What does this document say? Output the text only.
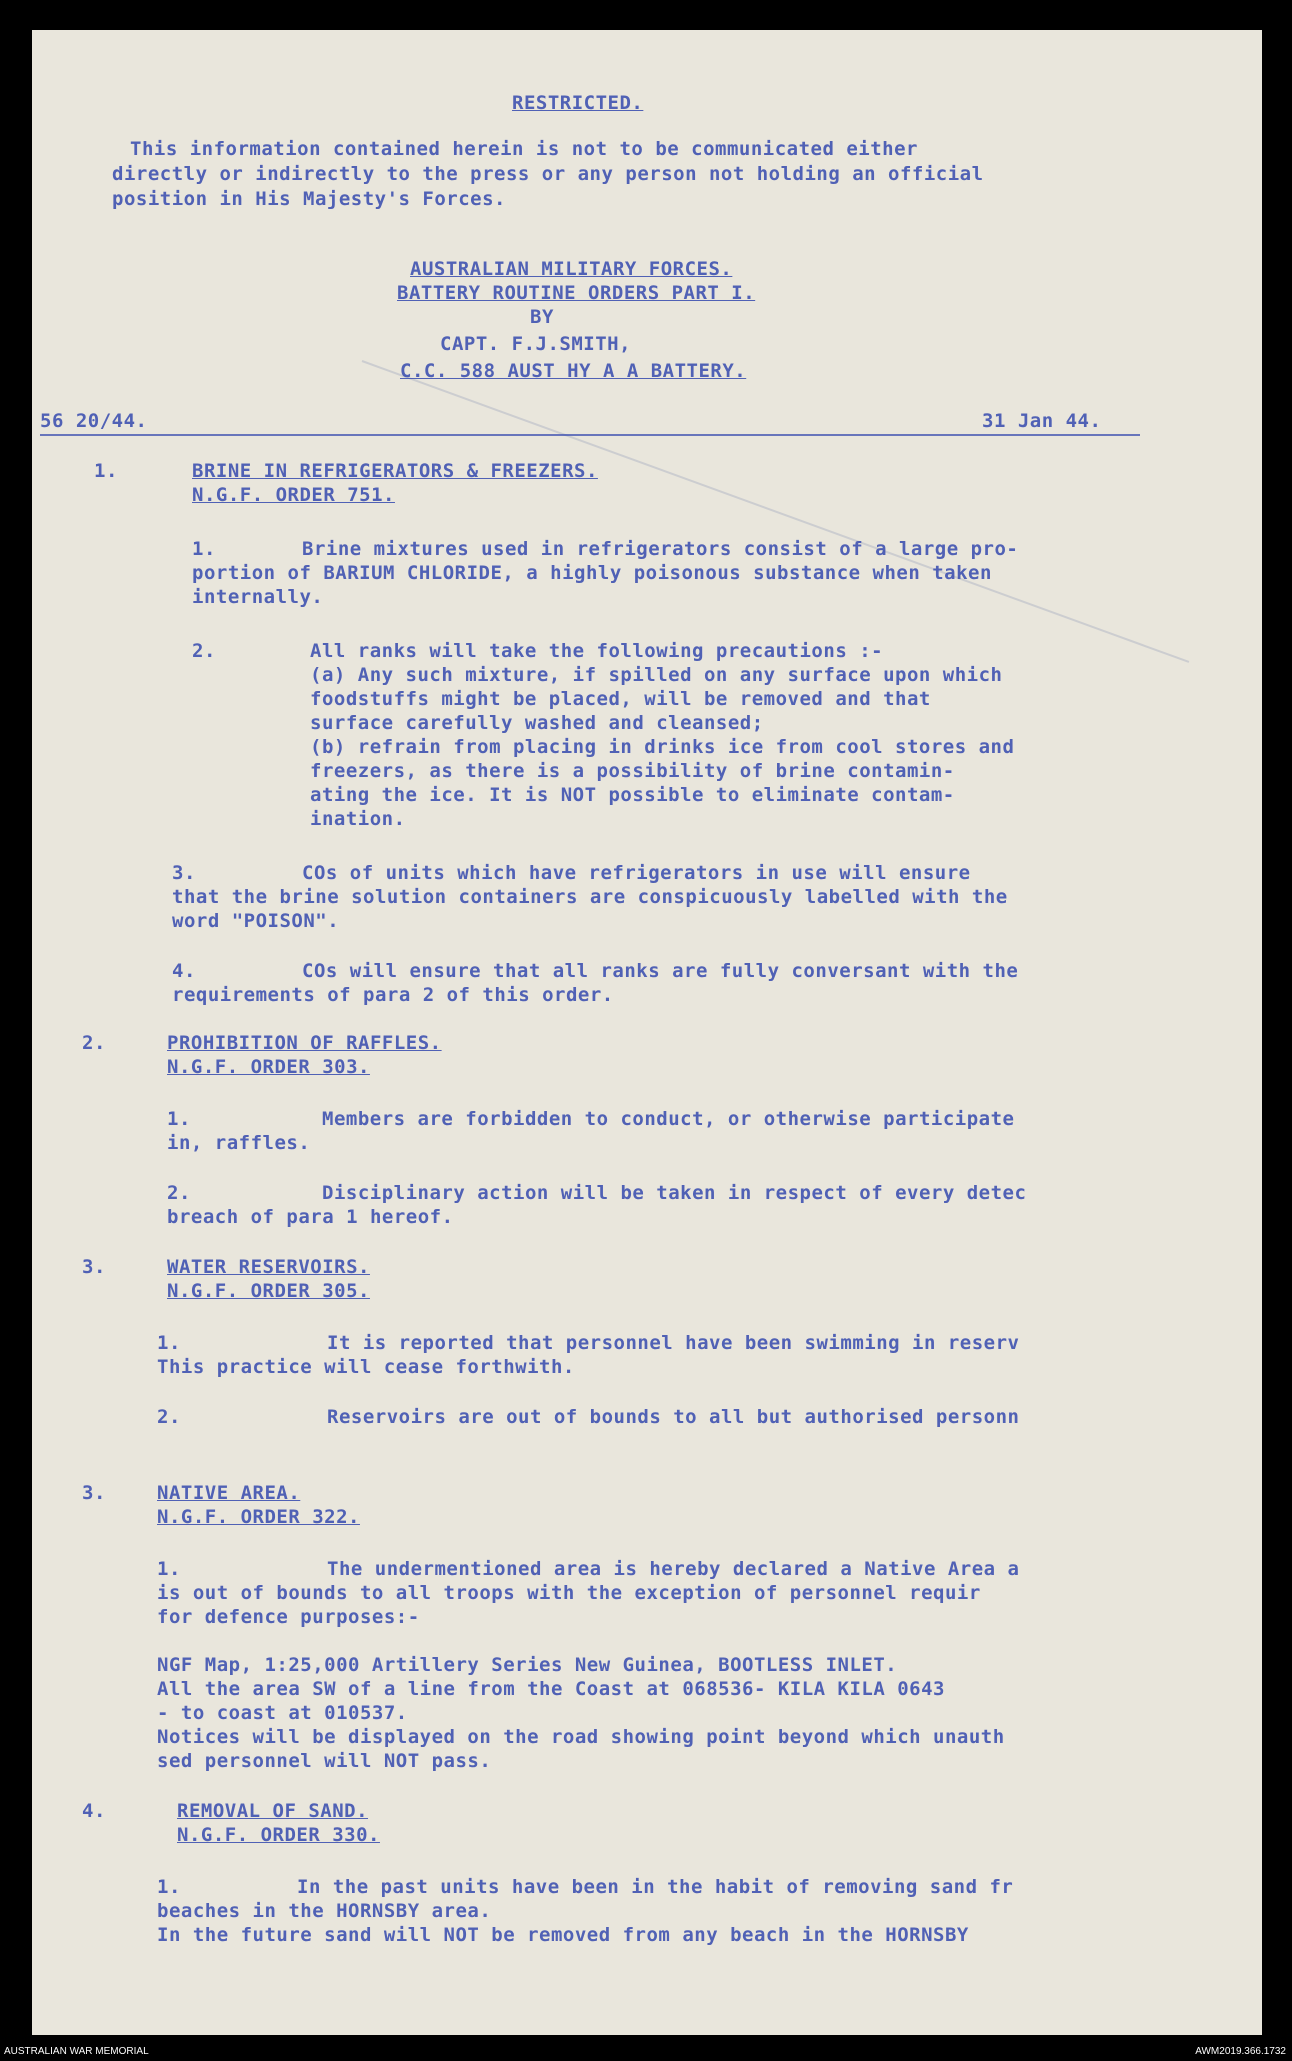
RESTRICTED.
This information contained herein is not to be communicated either
directly or indirectly to the press or any person not holding an official
position in His Majesty's Forces.
AUSTRALIAN MILITARY FORCES.
BATTERY ROUTINE ORDERS PART I.
BY
CAPT. F.J.SMITH,
C.C. 588 AUST HY A A BATTERY.
56 20/44.	31 Jan 44.
1.	BRINE IN REFRIGERATORS & FREEZERS.
N.G.F. ORDER 751.
1.	Brine mixtures used in refrigerators consist of a large pro-
portion of BARIUM CHLORIDE, a highly poisonous substance when taken
internally.
2.	All ranks will take the following precautions :-
(a) Any such mixture, if spilled on any surface upon which
foodstuffs might be placed, will be removed and that
surface carefully washed and cleansed;
(b) refrain from placing in drinks ice from cool stores and
freezers, as there is a possibility of brine contamin-
ating the ice. It is NOT possible to eliminate contam-
ination.
3.	COs of units which have refrigerators in use will ensure
that the brine solution containers are conspicuously labelled with the
word "POISON".
4.	COs will ensure that all ranks are fully conversant with the
requirements of para 2 of this order.
2.	PROHIBITION OF RAFFLES.
N.G.F. ORDER 303.
1.	Members are forbidden to conduct, or otherwise participate
in, raffles.
2.	Disciplinary action will be taken in respect of every detec
breach of para 1 hereof.
3.	WATER RESERVOIRS.
N.G.F. ORDER 305.
1.	It is reported that personnel have been swimming in reserv
This practice will cease forthwith.
2.	Reservoirs are out of bounds to all but authorised personn
3.	NATIVE AREA.
N.G.F. ORDER 322.
1.	The undermentioned area is hereby declared a Native Area a
is out of bounds to all troops with the exception of personnel requir
for defence purposes:-
NGF Map, 1:25,000 Artillery Series New Guinea, BOOTLESS INLET.
All the area SW of a line from the Coast at 068536- KILA KILA 0643
- to coast at 010537.
Notices will be displayed on the road showing point beyond which unauth
sed personnel will NOT pass.
4.	REMOVAL OF SAND.
N.G.F. ORDER 330.
1.	In the past units have been in the habit of removing sand fr
beaches in the HORNSBY area.
In the future sand will NOT be removed from any beach in the HORNSBY
AUSTRALIAN WAR MEMORIAL	AWM2019.366.1732
